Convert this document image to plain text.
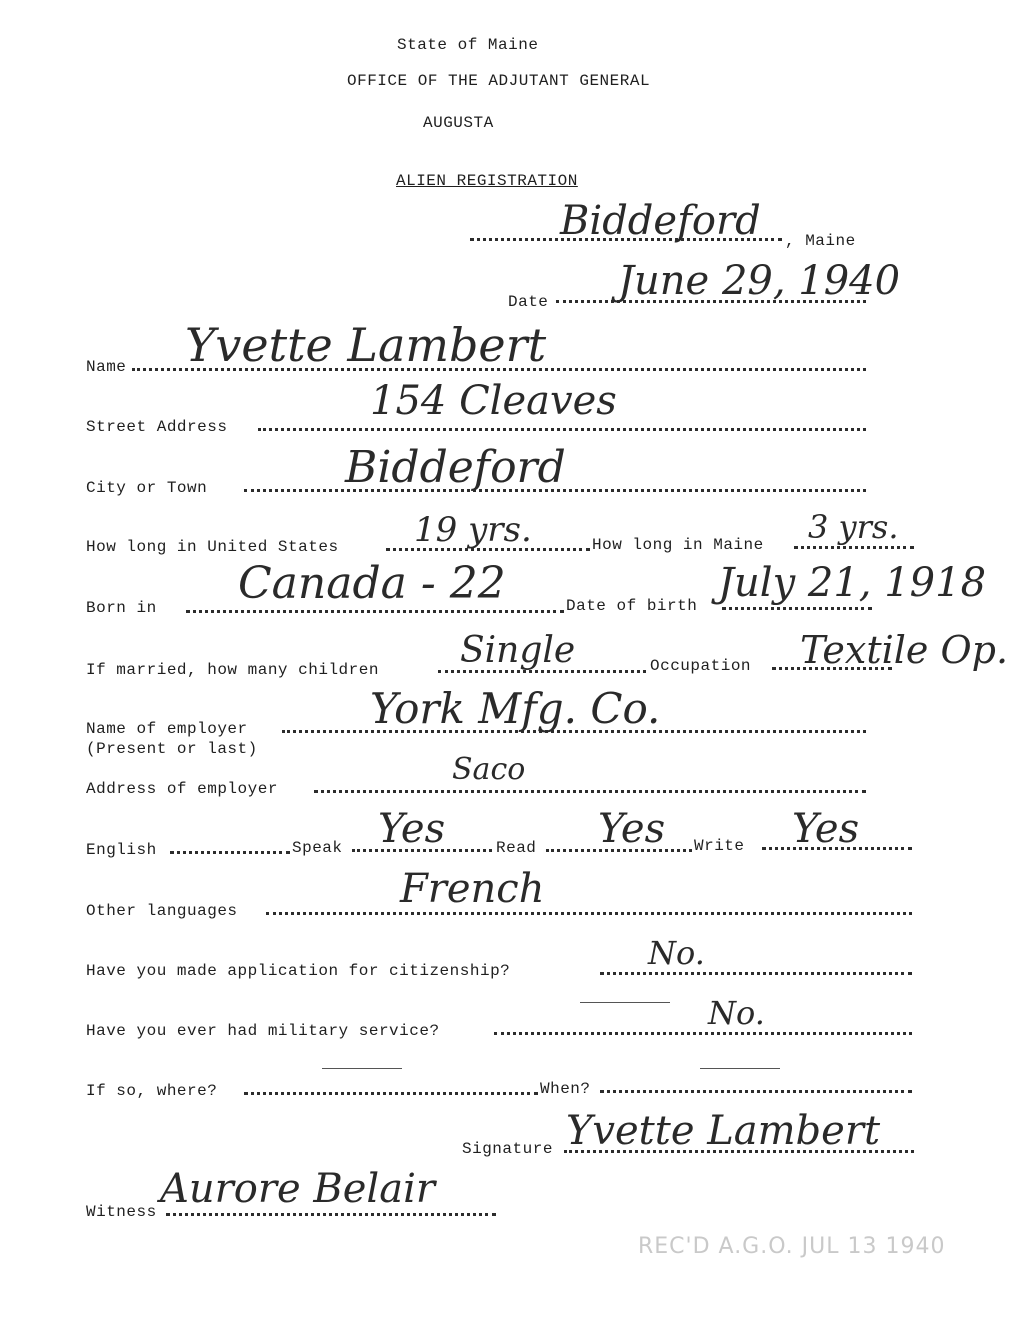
State of Maine
OFFICE OF THE ADJUTANT GENERAL
AUGUSTA
ALIEN REGISTRATION
Biddeford , Maine
Date June 29, 1940
Name Yvette Lambert
Street Address
154 Cleaves
City or Town	Biddeford
How long in United States 19 yrs.	How long in Maine 3 yrs.
Born in Canada - 22	Date of birth July 21, 1918
If married, how many children Single	Occupation Textile Op.
Name of employer
(Present or last)
York Mfg. Co.
Address of employer
Saco
English	Speak Yes	Read Yes Write Yes
Other languages	French
Have you made application for citizenship?	No.
Have you ever had military service?	No.
If so, where?	When?
Signature Yvette Lambert
Witness Aurore Belair
REC'D A.G.O. JUL 13 1940
